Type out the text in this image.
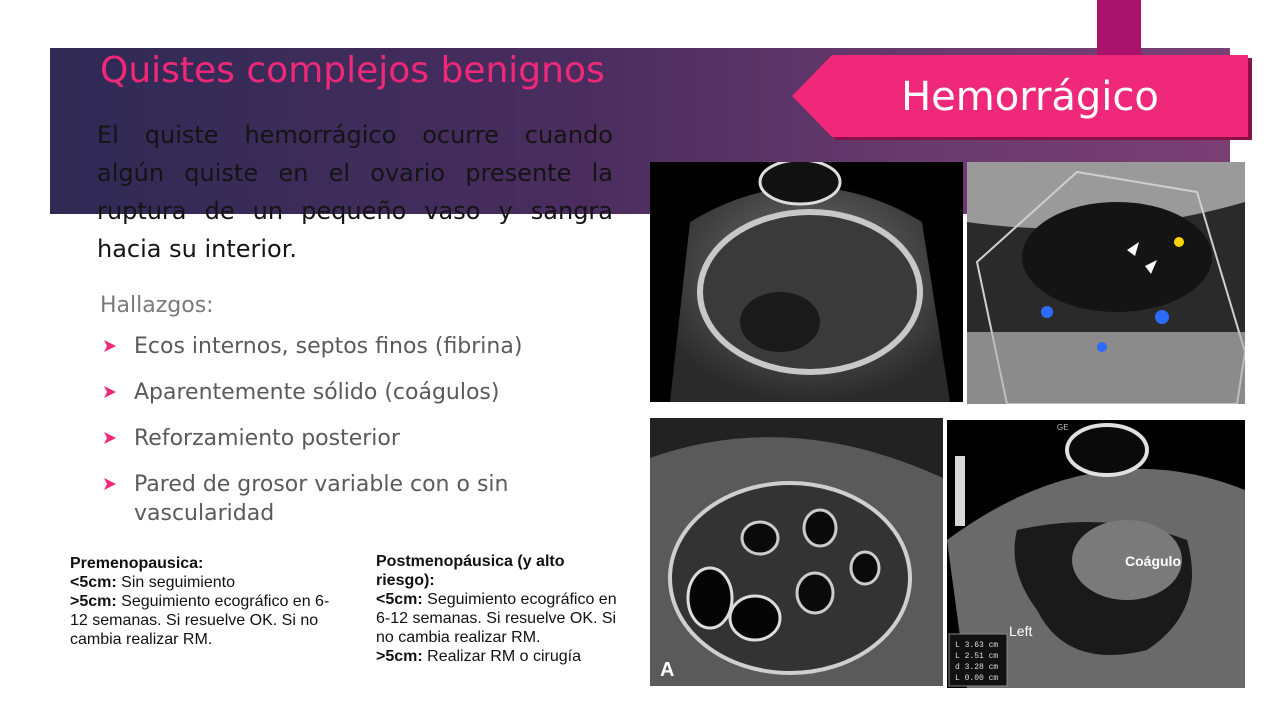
Hemorrágico
Quistes complejos benignos
El quiste hemorrágico ocurre cuando algún quiste en el ovario presente la ruptura de un pequeño vaso y sangra hacia su interior.
Hallazgos:
Ecos internos, septos finos (fibrina)
Aparentemente sólido (coágulos)
Reforzamiento posterior
Pared de grosor variable con o sin vascularidad
Premenopausica:
<5cm: Sin seguimiento
>5cm: Seguimiento ecográfico en 6-12 semanas. Si resuelve OK. Si no cambia realizar RM.
Postmenopáusica (y alto riesgo):
<5cm: Seguimiento ecográfico en 6-12 semanas. Si resuelve OK. Si no cambia realizar RM.
>5cm: Realizar RM o cirugía
A
GE
Coágulo
Left
L 3.63 cm
L 2.51 cm
d 3.28 cm
L 0.00 cm
